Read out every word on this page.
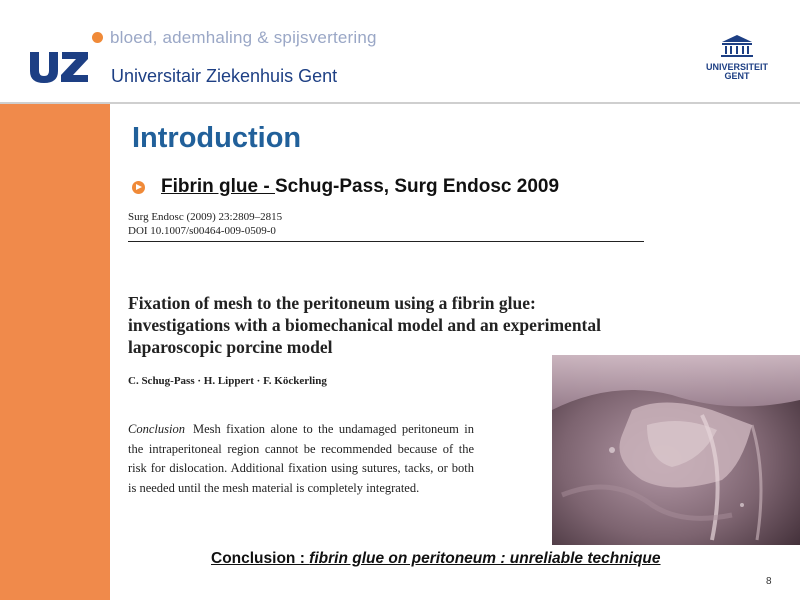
bloed, ademhaling & spijsvertering
Universitair Ziekenhuis Gent	UNIVERSITEIT
GENT
Introduction
Fibrin glue - Schug-Pass, Surg Endosc 2009
Surg Endosc (2009) 23:2809–2815
DOI 10.1007/s00464-009-0509-0
Fixation of mesh to the peritoneum using a fibrin glue:
investigations with a biomechanical model and an experimental
laparoscopic porcine model
C. Schug-Pass · H. Lippert · F. Köckerling
Conclusion Mesh fixation alone to the undamaged peritoneum in the intraperitoneal region cannot be recommended because of the risk for dislocation. Additional fixation using sutures, tacks, or both is needed until the mesh material is completely integrated.
Conclusion : fibrin glue on peritoneum : unreliable technique
8
